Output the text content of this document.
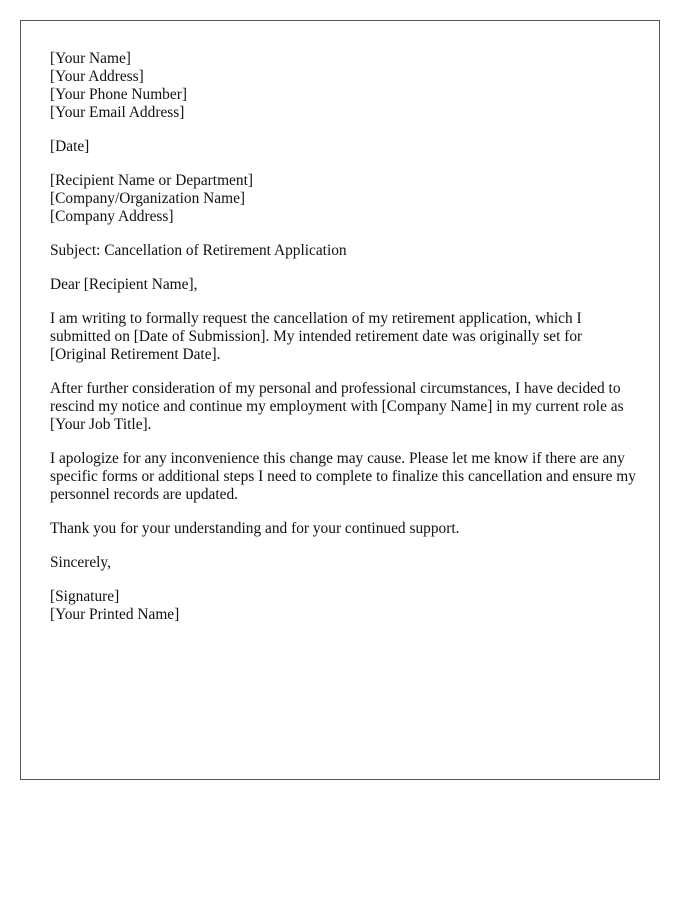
[Your Name]
[Your Address]
[Your Phone Number]
[Your Email Address]
[Date]
[Recipient Name or Department]
[Company/Organization Name]
[Company Address]

Subject: Cancellation of Retirement Application

Dear [Recipient Name],

I am writing to formally request the cancellation of my retirement application, which I submitted on [Date of Submission]. My intended retirement date was originally set for [Original Retirement Date].

After further consideration of my personal and professional circumstances, I have decided to rescind my notice and continue my employment with [Company Name] in my current role as [Your Job Title].

I apologize for any inconvenience this change may cause. Please let me know if there are any specific forms or additional steps I need to complete to finalize this cancellation and ensure my personnel records are updated.

Thank you for your understanding and for your continued support.

Sincerely,

[Signature]
[Your Printed Name]
